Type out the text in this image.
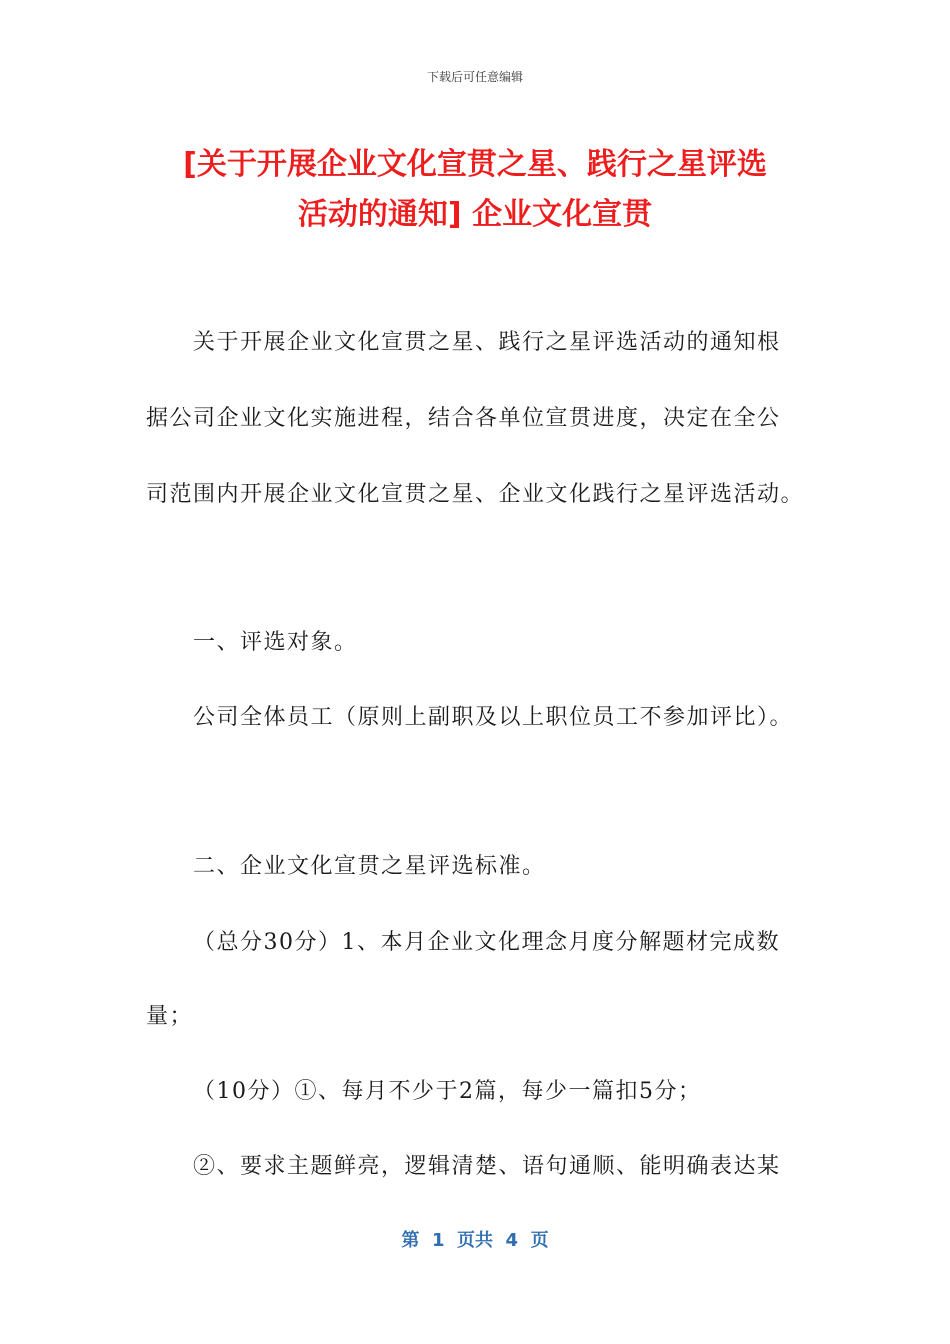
下载后可任意编辑
[关于开展企业文化宣贯之星、践行之星评选
活动的通知] 企业文化宣贯
关于开展企业文化宣贯之星、践行之星评选活动的通知根
据公司企业文化实施进程，结合各单位宣贯进度，决定在全公
司范围内开展企业文化宣贯之星、企业文化践行之星评选活动。
一、评选对象。
公司全体员工（原则上副职及以上职位员工不参加评比）。
二、企业文化宣贯之星评选标准。
（总分30分）1、本月企业文化理念月度分解题材完成数
量；
（10分）①、每月不少于2篇，每少一篇扣5分；
②、要求主题鲜亮，逻辑清楚、语句通顺、能明确表达某
第  1  页共  4  页
